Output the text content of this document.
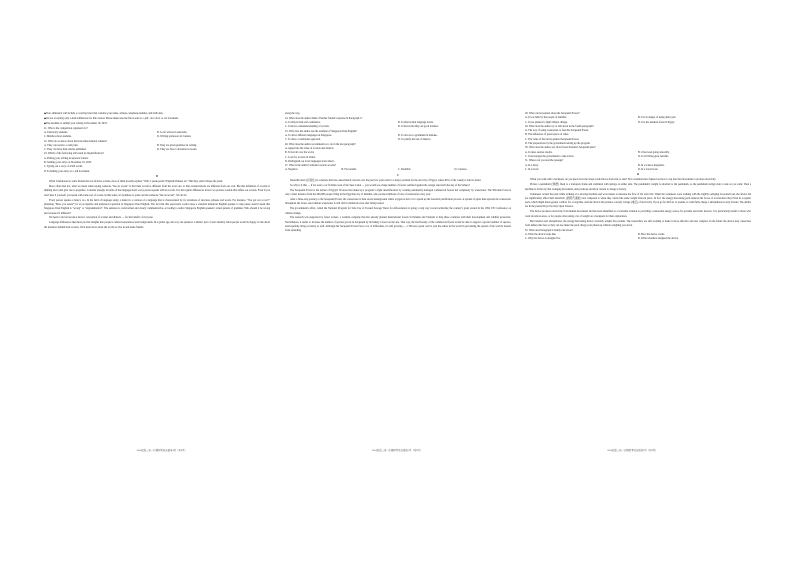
◆Your admission will include a covering letter that contains your name, address, telephone number, and birth date.

◆We are accepting only e-mail admissions for this contest. Please make sure the file is sent as a .pdf, .doc/.docx or .txt document.

◆The deadline to submit your writing is December 19, 2023.

21. Who is the competition organized for?

A. University students.	B. Local writers in Australia.
C. Middle school students.	D. Writing professors in Canada.

22. What do we know about the honorable mention winners?

A. They can receive a cash prize.	B. They are given guidance in writing.
C. They can have their entries published.	D. They are free to download e-books.

23. Which of the following will result in disqualification?

A. Putting your writing in separate folders.

B. Sending your entry on December 18, 2023.

C. Typing out a story of 4,500 words.

D. E-mailing your entry as a .pdf document.

B

When I mentioned to some friends that we all have accents, most of them proudly replied, "Well, I speak perfect English/Chinese etc." But they said it misses the point.

More often than not, what we mean when saying someone "has an accent" is that their accent is different from the local one, or that pronunciations are different from our own. But this definition of accents is limiting and could give rise to prejudice. Consider enough, in terms of the language itself, every person speaks with an accent. It is the regular differences in how we produce sounds that define our accents. Even if you don't hear it yourself, you speak with some sort of accent. In this sense, it's pointless to point out that someone "has an accent". We all do!

Every person speaks a dialect, too. In the field of language study, a dialect is a version of a language that is characterized by its variations of structure, phrases and words. For instance, "You got red or not?" (meaning "Have you eaten?") is an acceptable and understood question in Singapore Dual English. The fact that this expression would cause a standard American English speaker to take pause doesn't mean that Singapore Dual English is "wrong" or "ungrammatical". The sentence is well-formed and clearly communicative, according to native Singapore English speakers' actual pattern of grammar. Who should it be wrong just because it's different?

We need to move beyond a narrow conception of accents and dialects — for the benefit of everyone.

Language differences like these provide insights into people's cultural experiences and backgrounds. In a global age, the way one speaks is a distinct part of one's identity. Most people would be happy to talk about the instances behind their accents. We'd learn more about the world we live in and make friends.

along the way.

24. What does the author think of his/her friends' response in Paragraph 1?

A. It reflects their self-confidence.	B. It reflects their language levels.
C. It shows a misunderstanding of accents.	D. It shows that they are good learners.

25. Why does the author use the example of Singapore Dual English?

A. To show different languages in Singapore.	B. To uncover a grammatical mistake.
C. To show a traditional approach.	D. To justify the use of dialects.

26. What does the author recommend us to do in the last paragraph?

A. Appreciate the value of accents and dialects.

B. Travel all over the world.

C. Look for accents in China.

D. Distinguish our local languages from others'.

27. What is the author's attitude towards accents?

A. Negative.	B. Favourable.	C. Doubtful.	D. Careless.

C

Desertification (沙漠化) is a menace that has caused much concern over the past few years and it's a major problem for the arid city of Egypt, where 96% of the country's land is desert.

So why is it that — if not even a car fit miles west of the Suez Canal — you would see a huge number of forests outlined against the orange sand and blue sky of the Sahara?

The Serapeum Forest is the richest of Egypt's 36 areas that make up a program to fight desertification by creating sustainably managed commercial forests fed completely by wastewater. The 500-mile forest is only a short distance from the 400,000 people living in the Egyptian city of Ismailia, who produce millions of tons of wastewater every year.

After a three-step journey to the Serapeum Forest, the wastewater is then stored underground where oxygen is fed to it to speed up the bacterial purification process. A system of pipes then spreads the wastewater throughout the forest. And without wastewater is still rich in chemicals even after being treated.

The government's effort, called the National Program for Safe Use of Treated Sewage Water for Afforestation is going a long way toward achieving the country's goals started in the 1992 UN Conference on climate change.

The research was supported by forest owners, a German company that has already planted international forests in Panama and Vietnam to help these countries with their development and wildlife protection. Nevertheless, it seems to increase the number of species grown in Serapeum by including a forest on the site. That way, the biodiversity of the commercial forest would be able to support a greater number of species, and hopefully bring economy as well. Although the Serapeum Forest faces a lot of difficulties, it's still growing — a 500-acre green wall to join the others in the world in preventing the spread of the world's deserts from spreading.

28. What can be learned about the Serapeum Forest?

A. It was built by the people of Ismailia.	B. It is in danger of being destroyed.
C. It was planted to fight climate change.	D. It is the smallest forest in Egypt.

29. What does the author try to talk about in the fourth paragraph?

A. The way of using wastewater to feed the Serapeum Forest.

B. The influences of green space on cities.

C. The value of the newly-planted Serapeum Forest.

D. The preparations by the government setting up the program.

30. What does the author say about forest Panama's Serapeum plan?

A. It raises serious doubts.	B. It has been going smoothly.
C. It encourages the government to take action.	D. It will bring great benefits.

31. Where can you read the passage?

A. In a diary.	B. In a science magazine.
C. In a novel.	D. In a travel book.

D

When you walk with a backpack, do you know how the straps would move from side to side? Now scientists have figured out how to tap into that movement to produce electricity.

Picture a pendulum (钟摆) fixed to a backpack frame and stabilized with springs on either side. The pendulum's weight is attached to the pendulum, so the pendulum swings side to side as you walk. Then a machine is driven by that swinging movement, and produces electrical current to charge a battery.

Volunteers carried the pack while walking on a moving machine and wore masks to measure the flow of O2 and CO2. When the volunteers were walking with the slightly swinging 22-pound load, the device did not significantly affect their metabolic (新陈代谢的) rate compared to when they carried the same weight fixed in place. In fact, the energy harvesting pack reduced the forces of acceleration they'd feel in a regular pack, which might mean greater comfort for a long hike. And the device did produce a steady voltage (电压) of electricity. If you go for half an 11 pounds, it could fully charge a smartphone in only 4 hours. The details are in the journal Royal Society Open Science.

The device produces electricity from human movement and has been identified as a workable solution to providing a renewable energy source for portable electronic devices. It is particularly useful to those who work in remote areas, or for people often using a lot of weight on a backpack for their exploration.

But batteries and smartphones, the energy-harvesting device currently weighs five pounds. The researchers are still working to make it more effective and less complex. In the future the device may cause heat from kidney-like feet so they can use make the pack charge your phone up without weighing you down.

32. What does Paragraph 2 mainly talk about?

A. What the device looks like.	B. How the device works.
C. Why the device is designed for.	D. What scientists designed the device.
2024届高三第一次模拟考试英语第4页（共8页）	2024届高三第一次模拟考试英语第5页（共8页）	2024届高三第一次模拟考试英语第6页（共8页）
